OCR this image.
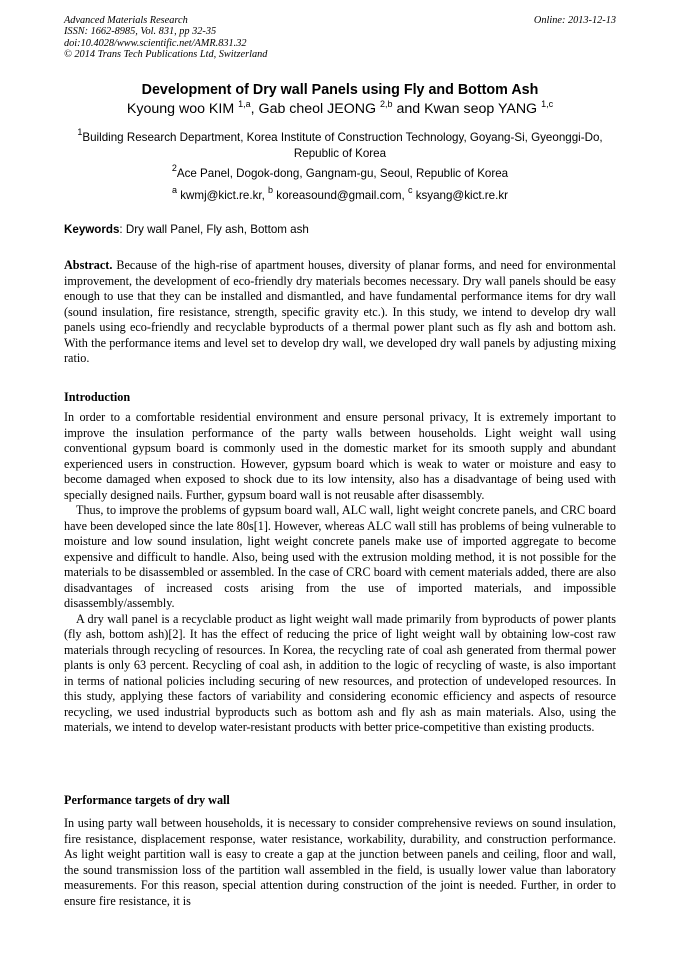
Advanced Materials Research
ISSN: 1662-8985, Vol. 831, pp 32-35
doi:10.4028/www.scientific.net/AMR.831.32
© 2014 Trans Tech Publications Ltd, Switzerland
Online: 2013-12-13
Development of Dry wall Panels using Fly and Bottom Ash
Kyoung woo KIM $^{1,a}$, Gab cheol JEONG $^{2,b}$ and Kwan seop YANG $^{1,c}$
$^1$Building Research Department, Korea Institute of Construction Technology, Goyang-Si, Gyeonggi-Do, Republic of Korea
$^2$Ace Panel, Dogok-dong, Gangnam-gu, Seoul, Republic of Korea
$^a$ kwmj@kict.re.kr, $^b$ koreasound@gmail.com, $^c$ ksyang@kict.re.kr
Keywords: Dry wall Panel, Fly ash, Bottom ash

Abstract. Because of the high-rise of apartment houses, diversity of planar forms, and need for environmental improvement, the development of eco-friendly dry materials becomes necessary. Dry wall panels should be easy enough to use that they can be installed and dismantled, and have fundamental performance items for dry wall (sound insulation, fire resistance, strength, specific gravity etc.). In this study, we intend to develop dry wall panels using eco-friendly and recyclable byproducts of a thermal power plant such as fly ash and bottom ash. With the performance items and level set to develop dry wall, we developed dry wall panels by adjusting mixing ratio.

Introduction

In order to a comfortable residential environment and ensure personal privacy, It is extremely important to improve the insulation performance of the party walls between households. Light weight wall using conventional gypsum board is commonly used in the domestic market for its smooth supply and abundant experienced users in construction. However, gypsum board which is weak to water or moisture and easy to become damaged when exposed to shock due to its low intensity, also has a disadvantage of being used with specially designed nails. Further, gypsum board wall is not reusable after disassembly.

Thus, to improve the problems of gypsum board wall, ALC wall, light weight concrete panels, and CRC board have been developed since the late 80s[1]. However, whereas ALC wall still has problems of being vulnerable to moisture and low sound insulation, light weight concrete panels make use of imported aggregate to become expensive and difficult to handle. Also, being used with the extrusion molding method, it is not possible for the materials to be disassembled or assembled. In the case of CRC board with cement materials added, there are also disadvantages of increased costs arising from the use of imported materials, and impossible disassembly/assembly.

A dry wall panel is a recyclable product as light weight wall made primarily from byproducts of power plants (fly ash, bottom ash)[2]. It has the effect of reducing the price of light weight wall by obtaining low-cost raw materials through recycling of resources. In Korea, the recycling rate of coal ash generated from thermal power plants is only 63 percent. Recycling of coal ash, in addition to the logic of recycling of waste, is also important in terms of national policies including securing of new resources, and protection of undeveloped resources. In this study, applying these factors of variability and considering economic efficiency and aspects of resource recycling, we used industrial byproducts such as bottom ash and fly ash as main materials. Also, using the materials, we intend to develop water-resistant products with better price-competitive than existing products.

Performance targets of dry wall

In using party wall between households, it is necessary to consider comprehensive reviews on sound insulation, fire resistance, displacement response, water resistance, workability, durability, and construction performance. As light weight partition wall is easy to create a gap at the junction between panels and ceiling, floor and wall, the sound transmission loss of the partition wall assembled in the field, is usually lower value than laboratory measurements. For this reason, special attention during construction of the joint is needed. Further, in order to ensure fire resistance, it is
